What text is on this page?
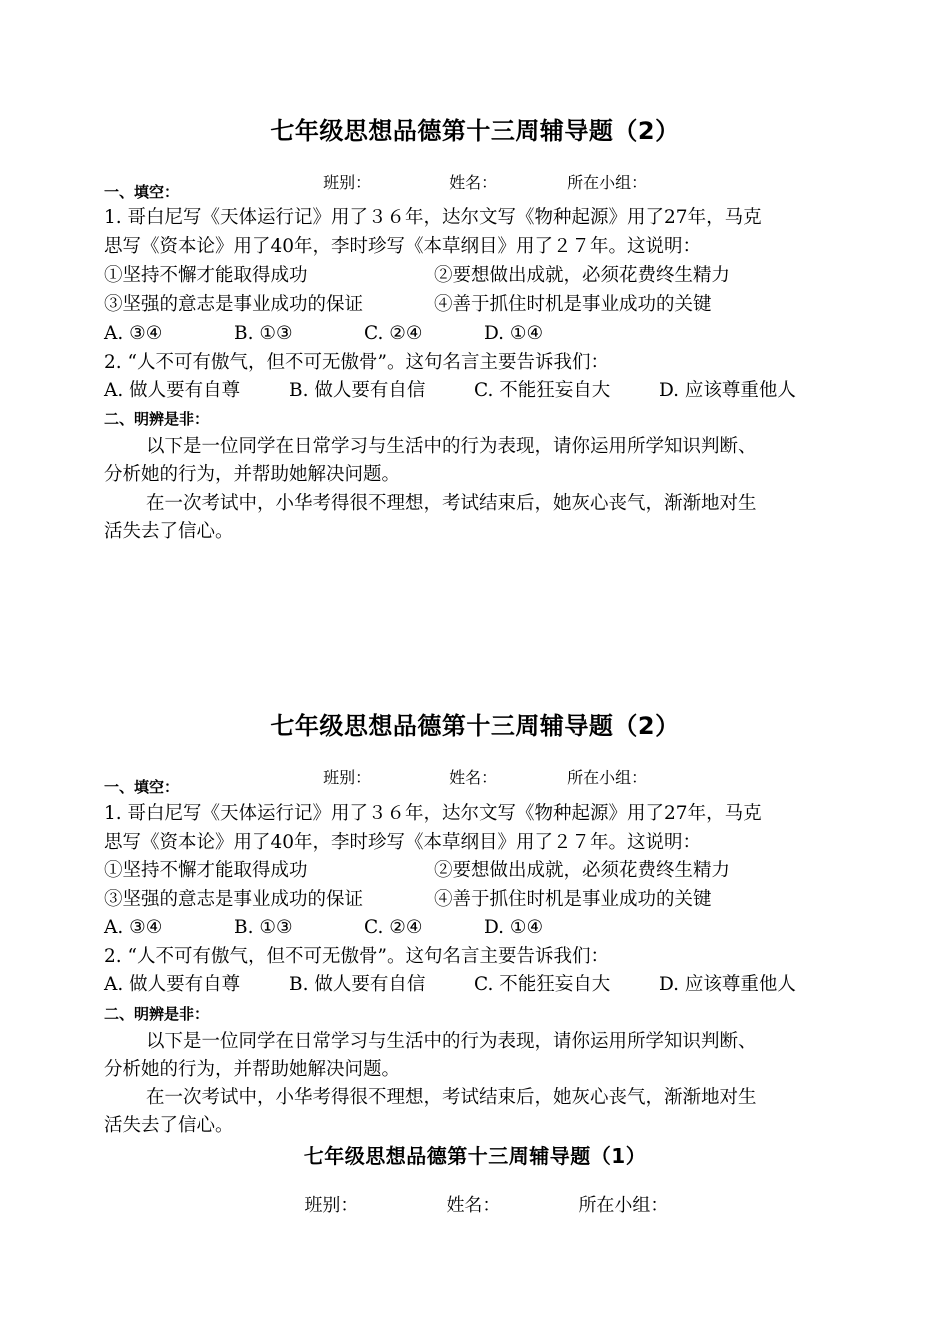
七年级思想品德第十三周辅导题（2）

班别：	姓名：	所在小组：

一、填空：
1. 哥白尼写《天体运行记》用了３６年，达尔文写《物种起源》用了27年，马克
思写《资本论》用了40年，李时珍写《本草纲目》用了２７年。这说明：
①坚持不懈才能取得成功	②要想做出成就，必须花费终生精力
③坚强的意志是事业成功的保证	④善于抓住时机是事业成功的关键
A. ③④	B. ①③	C. ②④	D. ①④
2. “人不可有傲气，但不可无傲骨”。这句名言主要告诉我们：
A. 做人要有自尊	B. 做人要有自信	C. 不能狂妄自大	D. 应该尊重他人
二、明辨是非：
以下是一位同学在日常学习与生活中的行为表现，请你运用所学知识判断、
分析她的行为，并帮助她解决问题。
在一次考试中，小华考得很不理想，考试结束后，她灰心丧气，渐渐地对生
活失去了信心。
七年级思想品德第十三周辅导题（2）

班别：	姓名：	所在小组：

一、填空：
1. 哥白尼写《天体运行记》用了３６年，达尔文写《物种起源》用了27年，马克
思写《资本论》用了40年，李时珍写《本草纲目》用了２７年。这说明：
①坚持不懈才能取得成功	②要想做出成就，必须花费终生精力
③坚强的意志是事业成功的保证	④善于抓住时机是事业成功的关键
A. ③④	B. ①③	C. ②④	D. ①④
2. “人不可有傲气，但不可无傲骨”。这句名言主要告诉我们：
A. 做人要有自尊	B. 做人要有自信	C. 不能狂妄自大	D. 应该尊重他人
二、明辨是非：
以下是一位同学在日常学习与生活中的行为表现，请你运用所学知识判断、
分析她的行为，并帮助她解决问题。
在一次考试中，小华考得很不理想，考试结束后，她灰心丧气，渐渐地对生
活失去了信心。
七年级思想品德第十三周辅导题（1）

班别：	姓名：	所在小组：
